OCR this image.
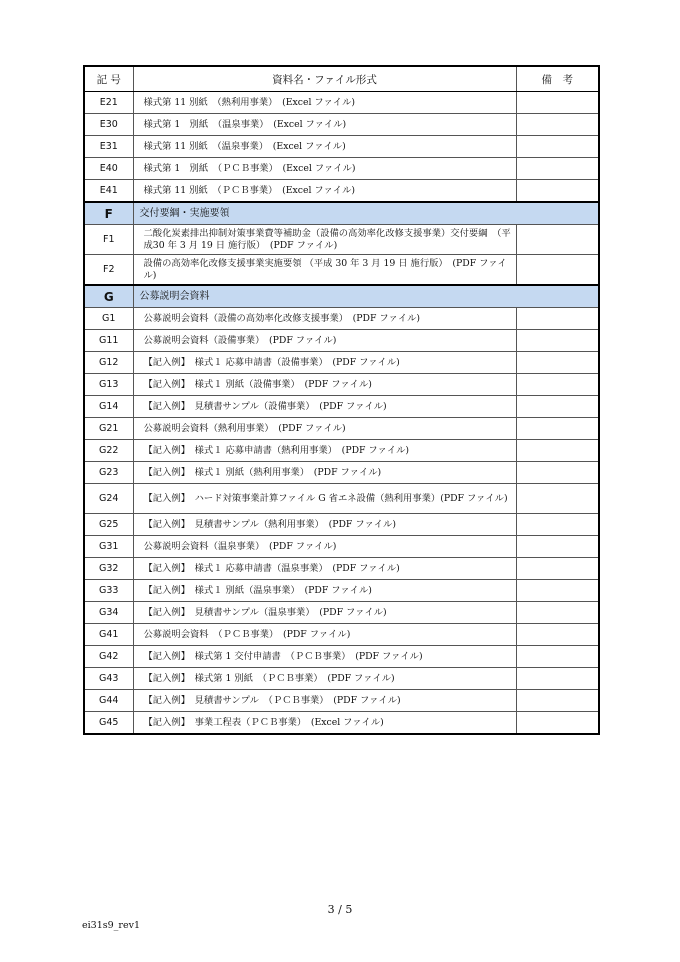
記 号	資料名・ファイル形式	備　考
E21	様式第 11 別紙　（熱利用事業）　(Excel ファイル)	
E30	様式第 1　別紙　（温泉事業）　(Excel ファイル)	
E31	様式第 11 別紙　（温泉事業）　(Excel ファイル)	
E40	様式第 1　別紙　（ＰＣＢ事業）　(Excel ファイル)	
E41	様式第 11 別紙　（ＰＣＢ事業）　(Excel ファイル)	
F	交付要綱・実施要領	
F1	二酸化炭素排出抑制対策事業費等補助金（設備の高効率化改修支援事業）交付要綱　（平成30 年 3 月 19 日 施行版）　(PDF ファイル)	
F2	設備の高効率化改修支援事業実施要領 （平成 30 年 3 月 19 日 施行版）　(PDF ファイル)	
G	公募説明会資料	
G1	公募説明会資料（設備の高効率化改修支援事業）　(PDF ファイル)	
G11	公募説明会資料（設備事業）　(PDF ファイル)	
G12	【記入例】　様式１ 応募申請書（設備事業）　(PDF ファイル)	
G13	【記入例】　様式１ 別紙（設備事業）　(PDF ファイル)	
G14	【記入例】　見積書サンプル（設備事業）　(PDF ファイル)	
G21	公募説明会資料（熱利用事業）　(PDF ファイル)	
G22	【記入例】　様式１ 応募申請書（熱利用事業）　(PDF ファイル)	
G23	【記入例】　様式１ 別紙（熱利用事業）　(PDF ファイル)	
G24	【記入例】　ハード対策事業計算ファイル G 省エネ設備（熱利用事業）(PDF ファイル)	
G25	【記入例】　見積書サンプル（熱利用事業）　(PDF ファイル)	
G31	公募説明会資料（温泉事業）　(PDF ファイル)	
G32	【記入例】　様式１ 応募申請書（温泉事業）　(PDF ファイル)	
G33	【記入例】　様式１ 別紙（温泉事業）　(PDF ファイル)	
G34	【記入例】　見積書サンプル（温泉事業）　(PDF ファイル)	
G41	公募説明会資料　（ＰＣＢ事業）　(PDF ファイル)	
G42	【記入例】　様式第 1 交付申請書　（ＰＣＢ事業）　(PDF ファイル)	
G43	【記入例】　様式第 1 別紙　（ＰＣＢ事業）　(PDF ファイル)	
G44	【記入例】　見積書サンプル　（ＰＣＢ事業）　(PDF ファイル)	
G45	【記入例】　事業工程表（ＰＣＢ事業）　(Excel ファイル)	
3 / 5
ei31s9_rev1
